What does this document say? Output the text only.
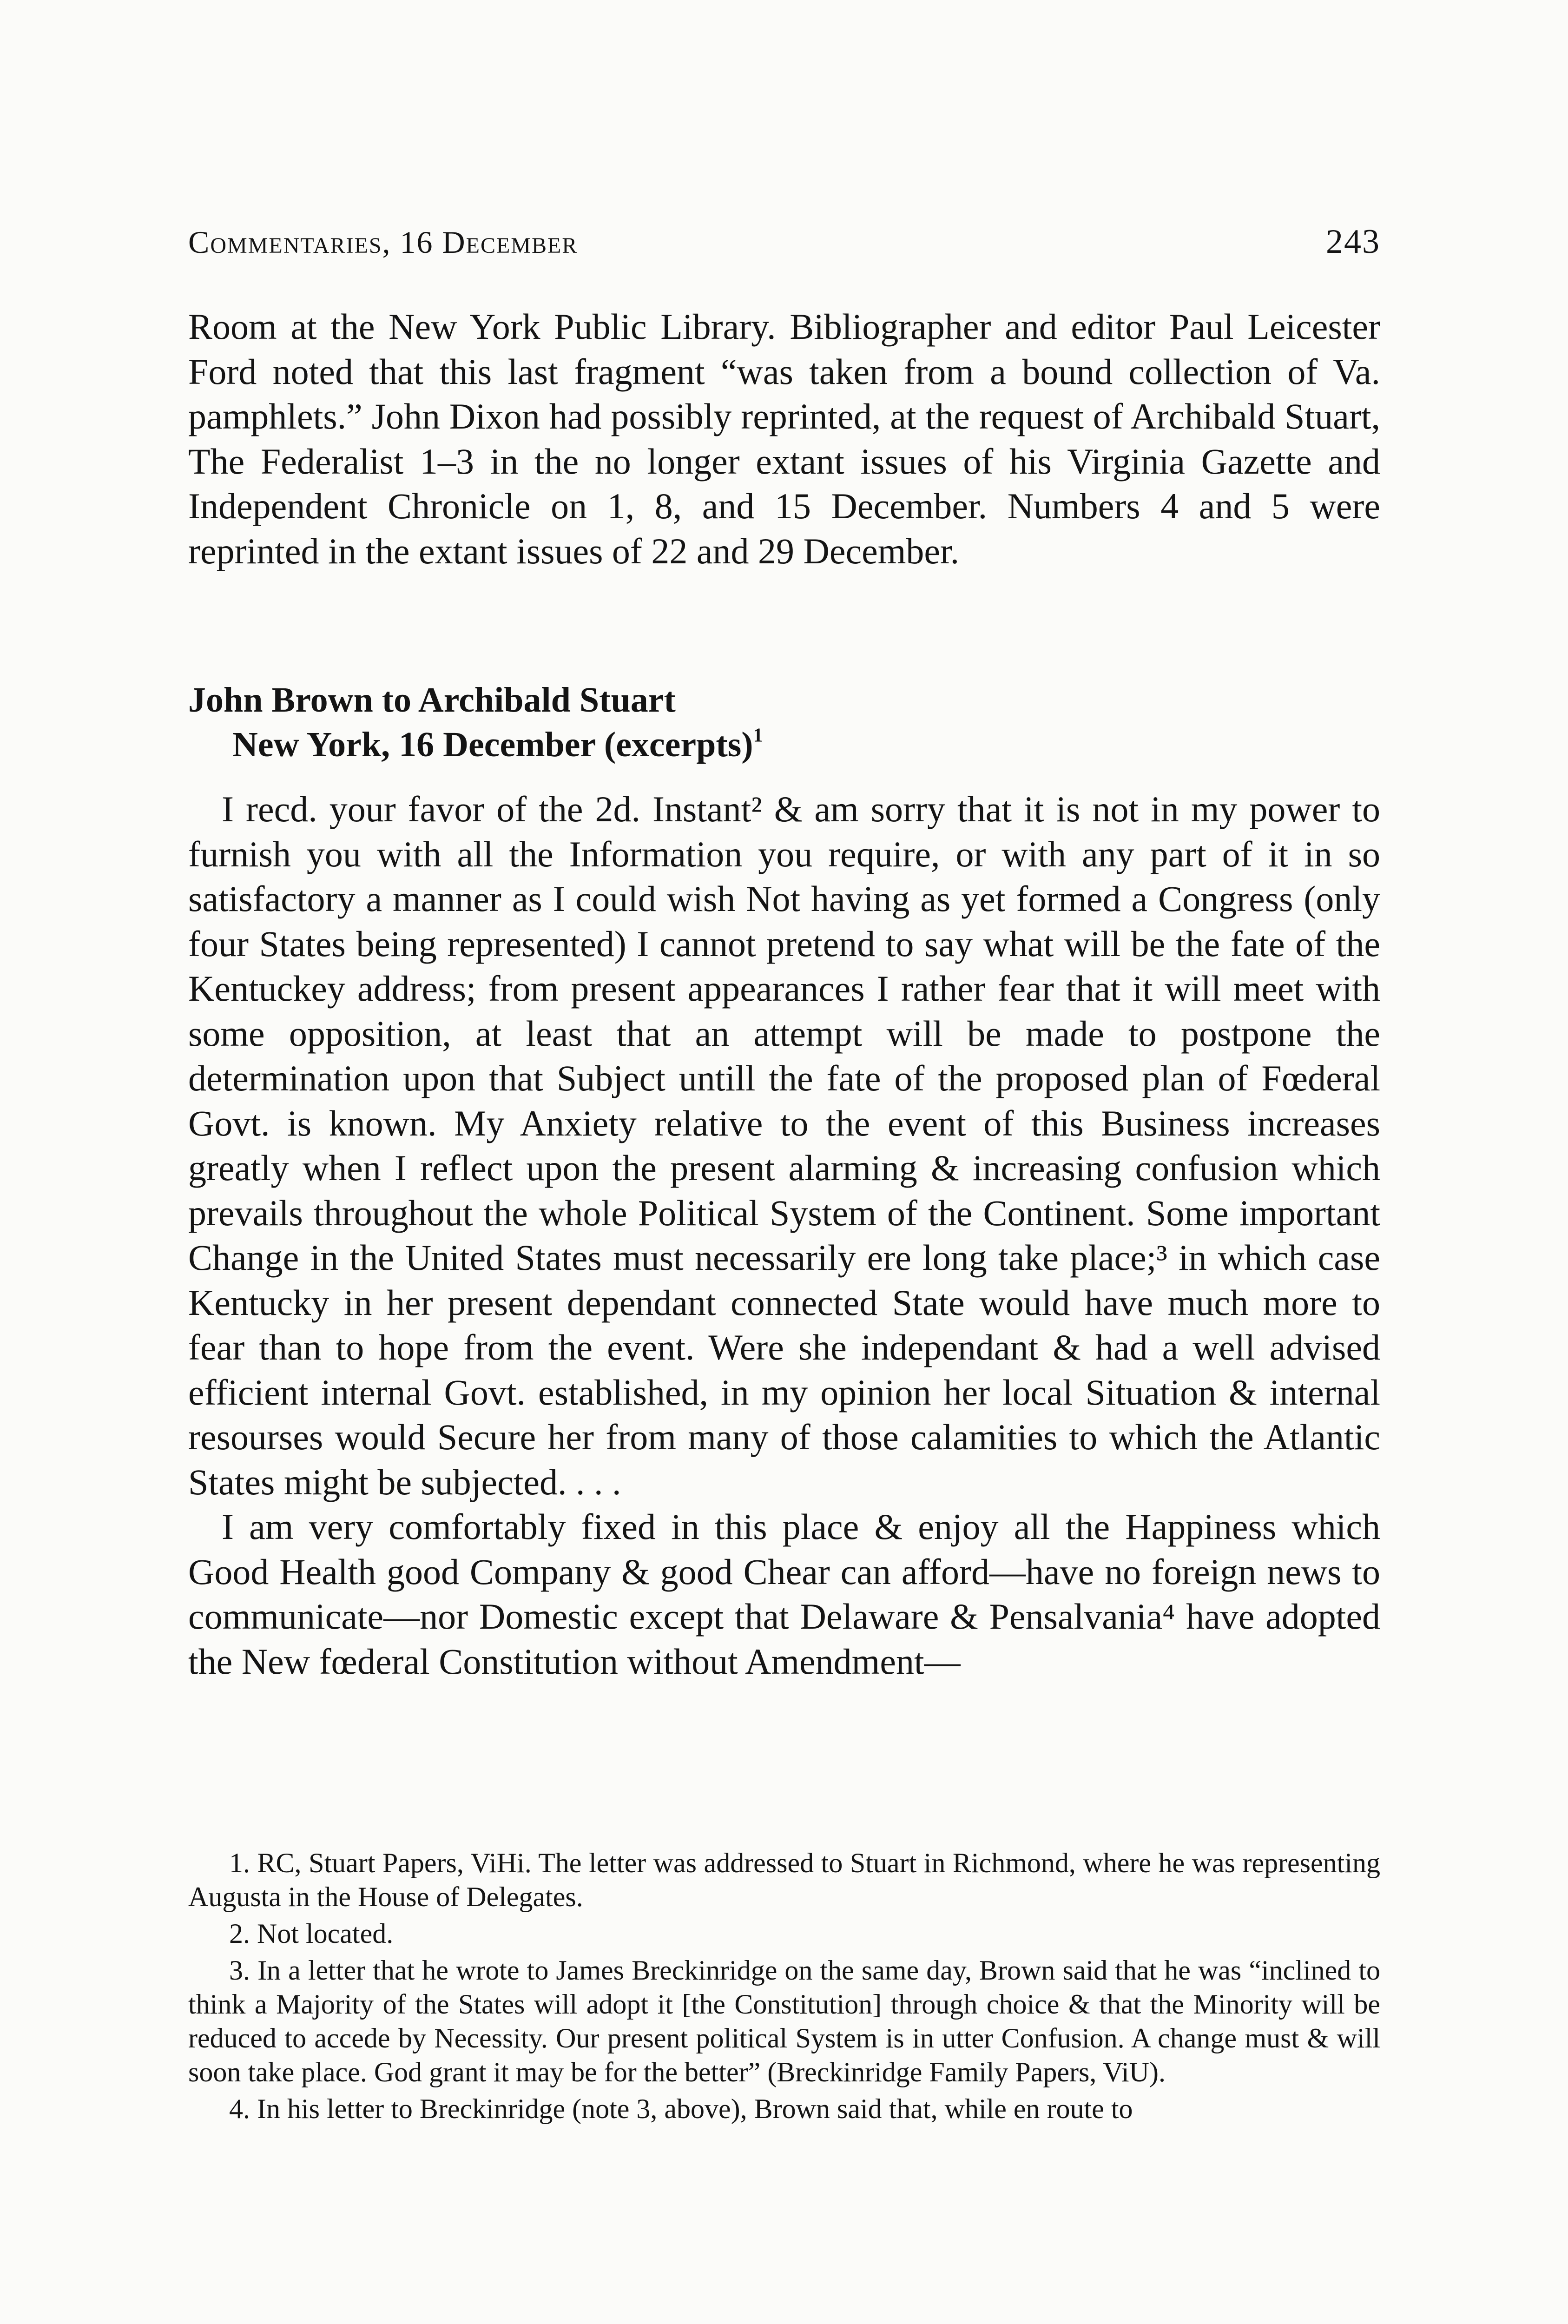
Commentaries, 16 December	243

Room at the New York Public Library. Bibliographer and editor Paul Leicester Ford noted that this last fragment “was taken from a bound collection of Va. pamphlets.” John Dixon had possibly reprinted, at the request of Archibald Stuart, The Federalist 1–3 in the no longer extant issues of his Virginia Gazette and Independent Chronicle on 1, 8, and 15 December. Numbers 4 and 5 were reprinted in the extant issues of 22 and 29 December.

John Brown to Archibald Stuart
New York, 16 December (excerpts)$^1$

I recd. your favor of the 2d. Instant² & am sorry that it is not in my power to furnish you with all the Information you require, or with any part of it in so satisfactory a manner as I could wish Not having as yet formed a Congress (only four States being represented) I cannot pretend to say what will be the fate of the Kentuckey address; from present appearances I rather fear that it will meet with some opposition, at least that an attempt will be made to postpone the determination upon that Subject untill the fate of the proposed plan of Fœderal Govt. is known. My Anxiety relative to the event of this Business increases greatly when I reflect upon the present alarming & increasing confusion which prevails throughout the whole Political System of the Continent. Some important Change in the United States must necessarily ere long take place;³ in which case Kentucky in her present dependant connected State would have much more to fear than to hope from the event. Were she independant & had a well advised efficient internal Govt. established, in my opinion her local Situation & internal resourses would Secure her from many of those calamities to which the Atlantic States might be subjected. . . .

I am very comfortably fixed in this place & enjoy all the Happiness which Good Health good Company & good Chear can afford—have no foreign news to communicate—nor Domestic except that Delaware & Pensalvania⁴ have adopted the New fœderal Constitution without Amendment—

1. RC, Stuart Papers, ViHi. The letter was addressed to Stuart in Richmond, where he was representing Augusta in the House of Delegates.

2. Not located.

3. In a letter that he wrote to James Breckinridge on the same day, Brown said that he was “inclined to think a Majority of the States will adopt it [the Constitution] through choice & that the Minority will be reduced to accede by Necessity. Our present political System is in utter Confusion. A change must & will soon take place. God grant it may be for the better” (Breckinridge Family Papers, ViU).

4. In his letter to Breckinridge (note 3, above), Brown said that, while en route to
